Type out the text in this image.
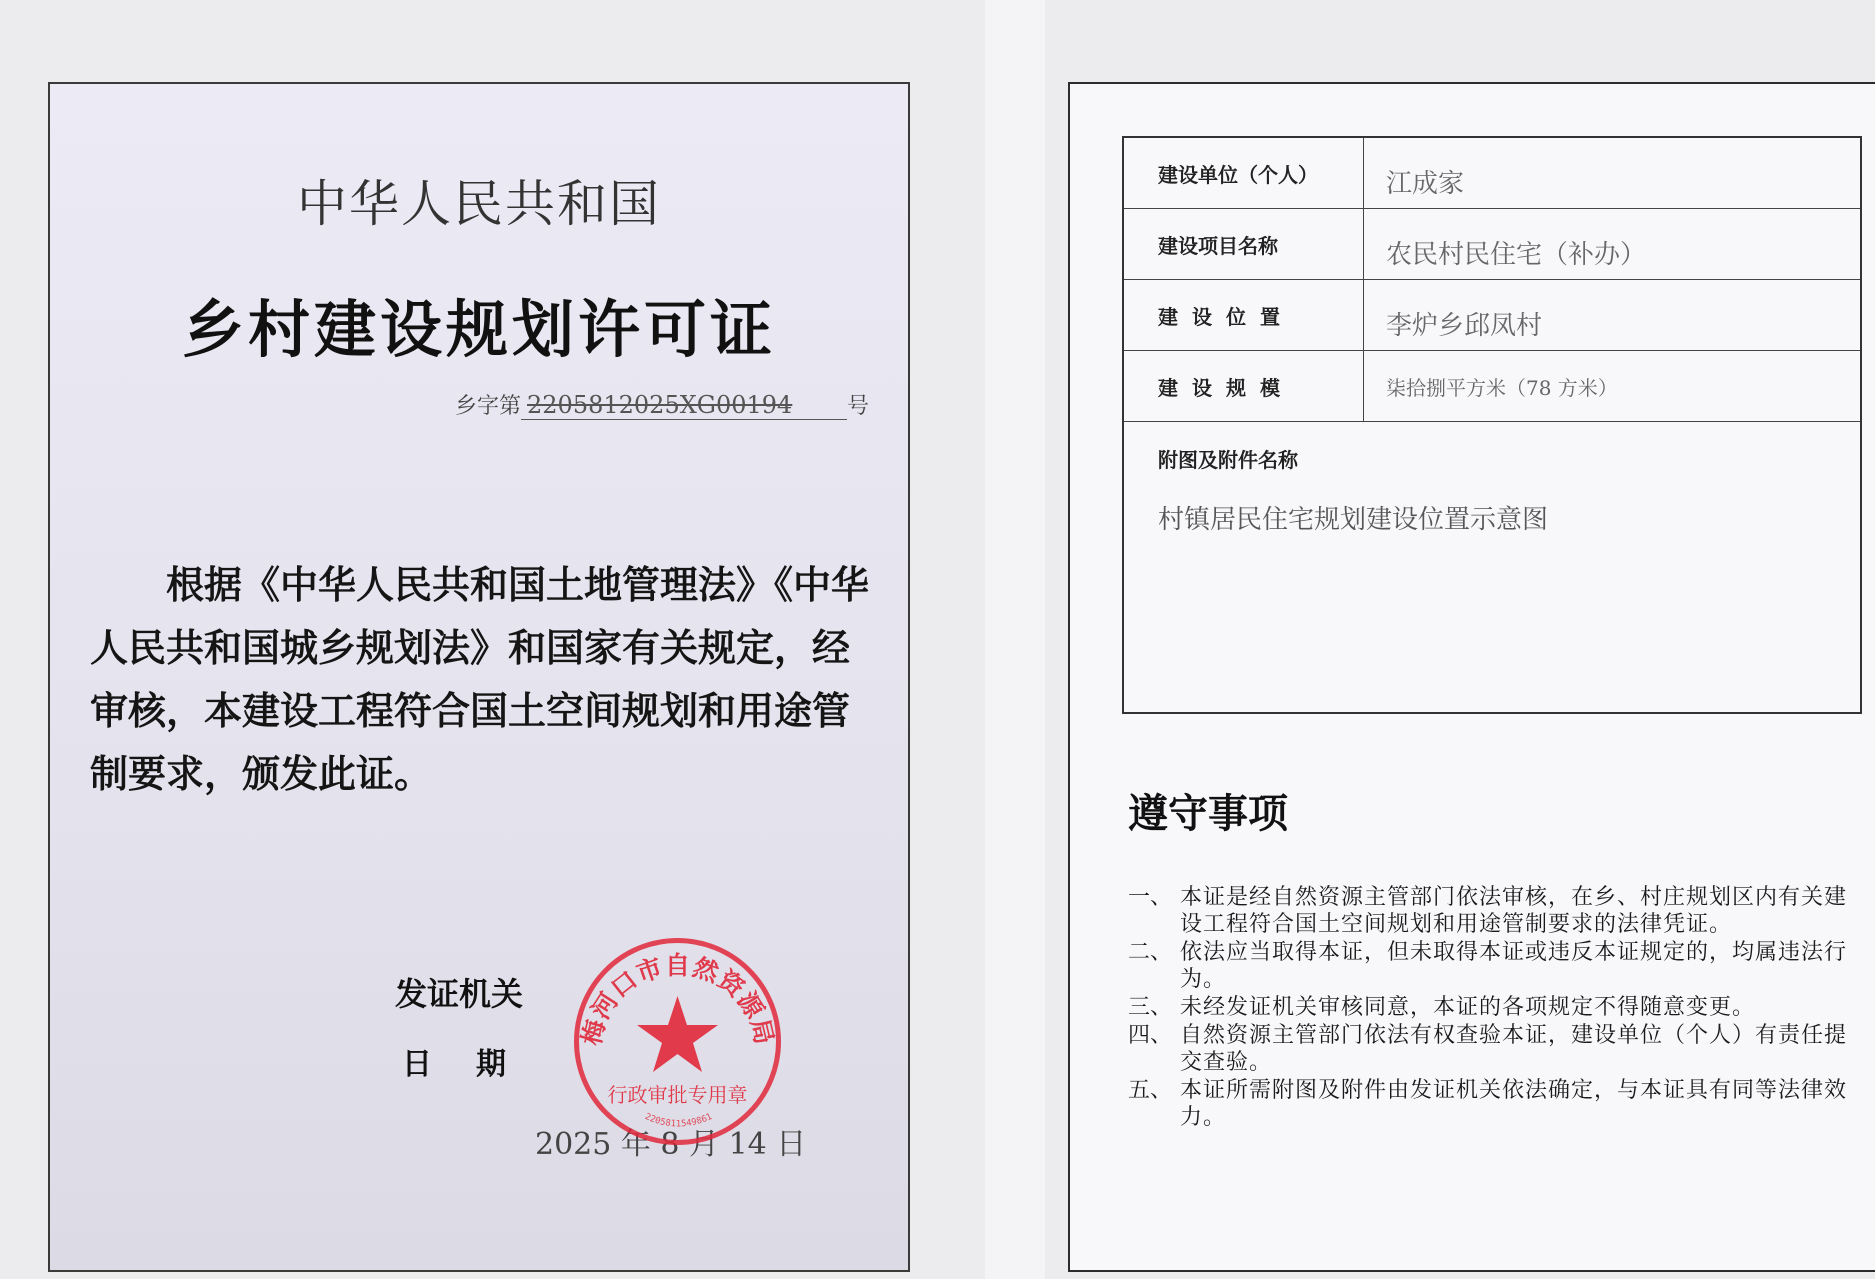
中华人民共和国
乡村建设规划许可证
乡字第 2205812025XG00194 号
根据《中华人民共和国土地管理法》《中华人民共和国城乡规划法》和国家有关规定，经审核，本建设工程符合国土空间规划和用途管制要求，颁发此证。
发证机关
日期
2025 年 8 月 14 日
梅河口市自然资源局
行政审批专用章
2205811549861
建设单位（个人）	江成家
建设项目名称	农民村民住宅（补办）
建设位置	李炉乡邱凤村
建设规模	柒拾捌平方米（78 方米）
附图及附件名称
村镇居民住宅规划建设位置示意图
遵守事项
一、 本证是经自然资源主管部门依法审核，在乡、村庄规划区内有关建设工程符合国土空间规划和用途管制要求的法律凭证。
二、 依法应当取得本证，但未取得本证或违反本证规定的，均属违法行为。
三、 未经发证机关审核同意，本证的各项规定不得随意变更。
四、 自然资源主管部门依法有权查验本证，建设单位（个人）有责任提交查验。
五、 本证所需附图及附件由发证机关依法确定，与本证具有同等法律效力。
